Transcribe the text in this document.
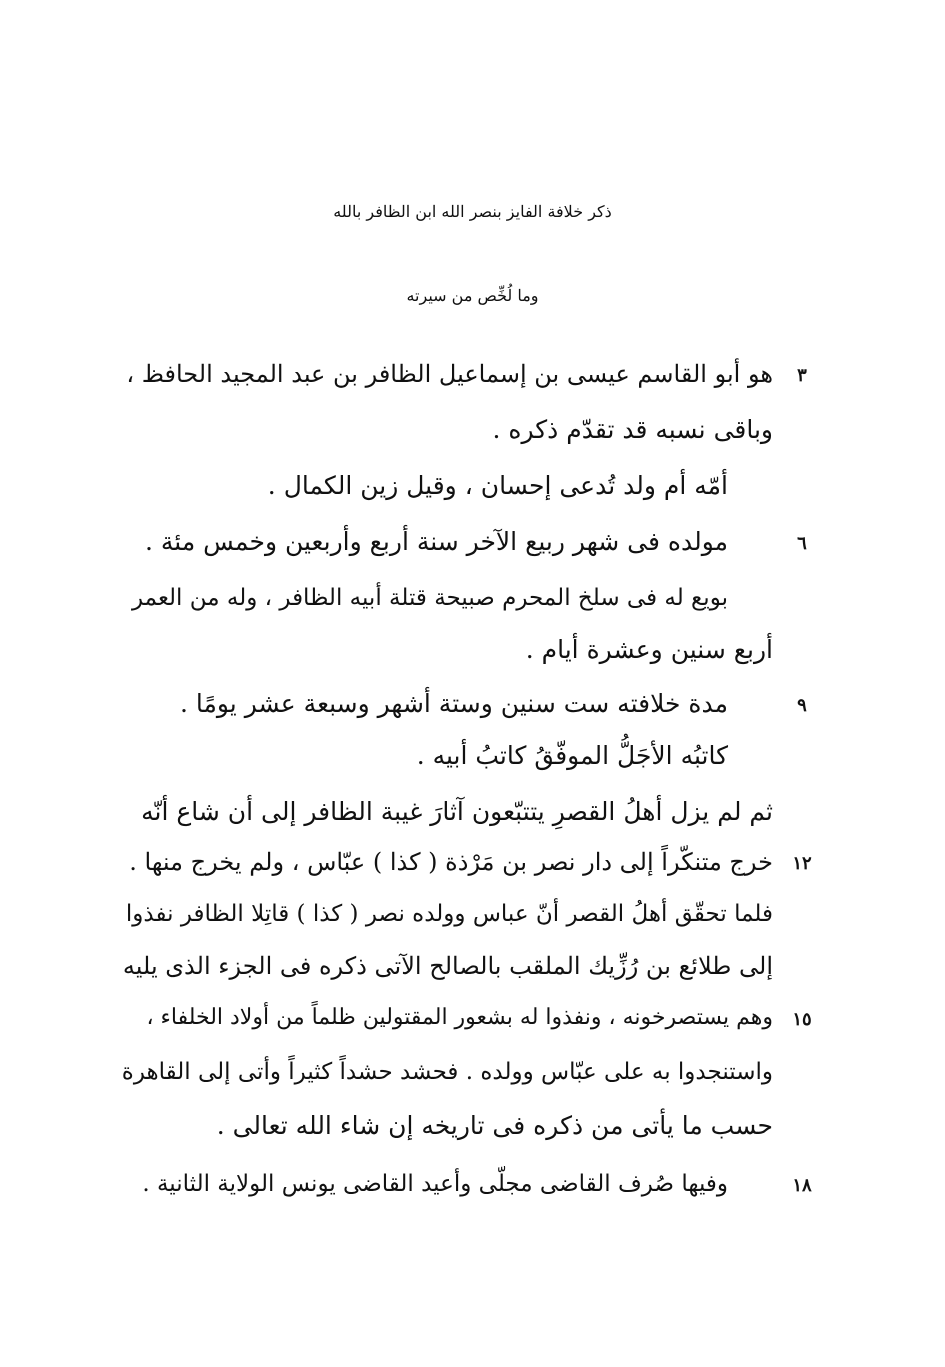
ذكر خلافة الفايز بنصر الله ابن الظافر بالله
وما لُخِّص من سيرته
هو أبو القاسم عيسى بن إسماعيل الظافر بن عبد المجيد الحافظ ،
وباقى نسبه قد تقدّم ذكره .
أمّه أم ولد تُدعى إحسان ، وقيل زين الكمال .
مولده فى شهر ربيع الآخر سنة أربع وأربعين وخمس مئة .
بويع له فى سلخ المحرم صبيحة قتلة أبيه الظافر ، وله من العمر
أربع سنين وعشرة أيام .
مدة خلافته ست سنين وستة أشهر وسبعة عشر يومًا .
كاتبُه الأجَلُّ الموفّقُ كاتبُ أبيه .
ثم لم يزل أهلُ القصرِ يتتبّعون آثارَ غيبة الظافر إلى أن شاع أنّه
خرج متنكّراً إلى دار نصر بن مَرْذة ( كذا ) عبّاس ، ولم يخرج منها .
فلما تحقّق أهلُ القصر أنّ عباس وولده نصر ( كذا ) قاتِلا الظافر نفذوا
إلى طلائع بن رُزِّيك الملقب بالصالح الآتى ذكره فى الجزء الذى يليه
وهم يستصرخونه ، ونفذوا له بشعور المقتولين ظلماً من أولاد الخلفاء ،
واستنجدوا به على عبّاس وولده . فحشد حشداً كثيراً وأتى إلى القاهرة
حسب ما يأتى من ذكره فى تاريخه إن شاء الله تعالى .
وفيها صُرف القاضى مجلّى وأعيد القاضى يونس الولاية الثانية .
٣
٦
٩
١٢
١٥
١٨
